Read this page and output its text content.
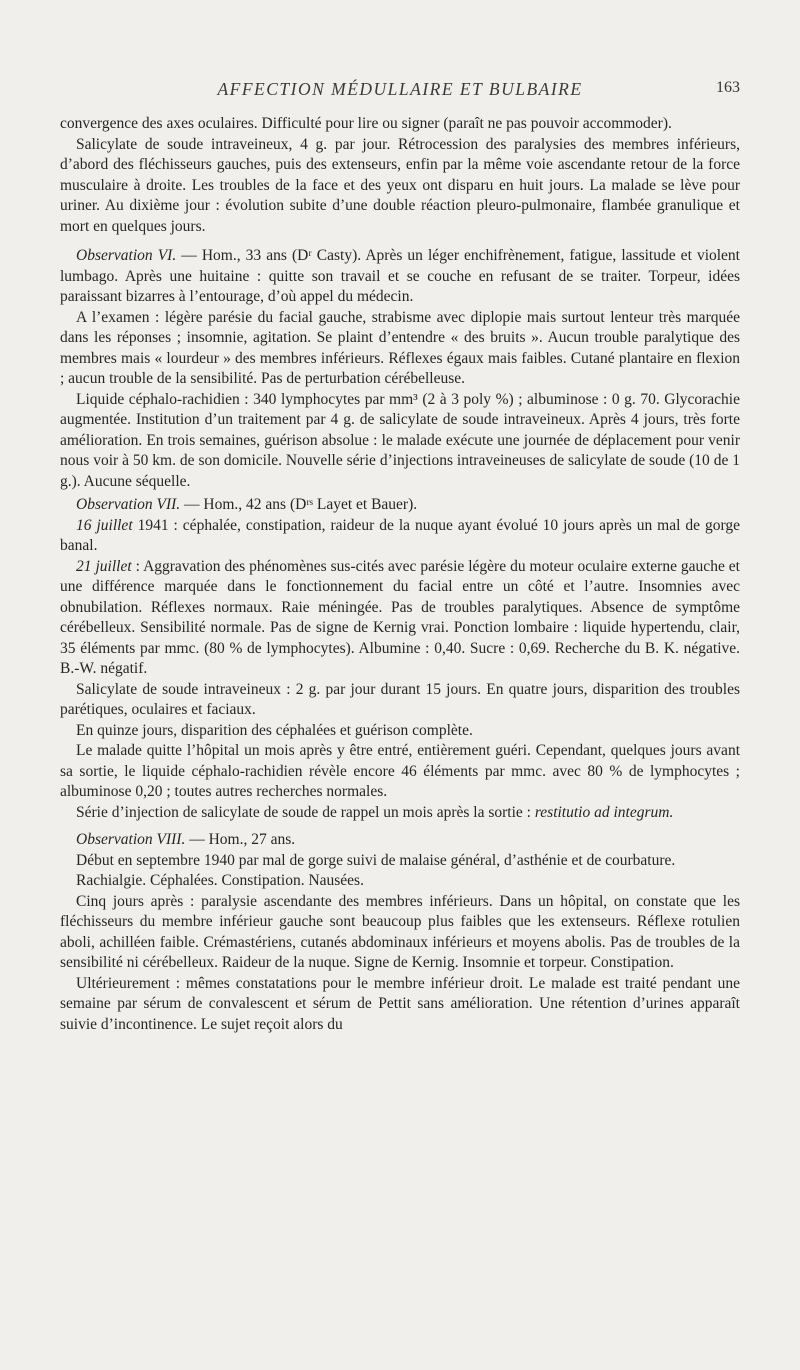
AFFECTION MÉDULLAIRE ET BULBAIRE	163

convergence des axes oculaires. Difficulté pour lire ou signer (paraît ne pas pouvoir accommoder).

Salicylate de soude intraveineux, 4 g. par jour. Rétrocession des paralysies des membres inférieurs, d’abord des fléchisseurs gauches, puis des extenseurs, enfin par la même voie ascendante retour de la force musculaire à droite. Les troubles de la face et des yeux ont disparu en huit jours. La malade se lève pour uriner. Au dixième jour : évolution subite d’une double réaction pleuro-pulmonaire, flambée granulique et mort en quelques jours.

Observation VI. — Hom., 33 ans (Dʳ Casty). Après un léger enchifrènement, fatigue, lassitude et violent lumbago. Après une huitaine : quitte son travail et se couche en refusant de se traiter. Torpeur, idées paraissant bizarres à l’entourage, d’où appel du médecin.

A l’examen : légère parésie du facial gauche, strabisme avec diplopie mais surtout lenteur très marquée dans les réponses ; insomnie, agitation. Se plaint d’entendre « des bruits ». Aucun trouble paralytique des membres mais « lourdeur » des membres inférieurs. Réflexes égaux mais faibles. Cutané plantaire en flexion ; aucun trouble de la sensibilité. Pas de perturbation cérébelleuse.

Liquide céphalo-rachidien : 340 lymphocytes par mm³ (2 à 3 poly %) ; albuminose : 0 g. 70. Glycorachie augmentée. Institution d’un traitement par 4 g. de salicylate de soude intraveineux. Après 4 jours, très forte amélioration. En trois semaines, guérison absolue : le malade exécute une journée de déplacement pour venir nous voir à 50 km. de son domicile. Nouvelle série d’injections intraveineuses de salicylate de soude (10 de 1 g.). Aucune séquelle.

Observation VII. — Hom., 42 ans (Dʳˢ Layet et Bauer).

16 juillet 1941 : céphalée, constipation, raideur de la nuque ayant évolué 10 jours après un mal de gorge banal.

21 juillet : Aggravation des phénomènes sus-cités avec parésie légère du moteur oculaire externe gauche et une différence marquée dans le fonctionnement du facial entre un côté et l’autre. Insomnies avec obnubilation. Réflexes normaux. Raie méningée. Pas de troubles paralytiques. Absence de symptôme cérébelleux. Sensibilité normale. Pas de signe de Kernig vrai. Ponction lombaire : liquide hypertendu, clair, 35 éléments par mmc. (80 % de lymphocytes). Albumine : 0,40. Sucre : 0,69. Recherche du B. K. négative. B.-W. négatif.

Salicylate de soude intraveineux : 2 g. par jour durant 15 jours. En quatre jours, disparition des troubles parétiques, oculaires et faciaux.

En quinze jours, disparition des céphalées et guérison complète.

Le malade quitte l’hôpital un mois après y être entré, entièrement guéri. Cependant, quelques jours avant sa sortie, le liquide céphalo-rachidien révèle encore 46 éléments par mmc. avec 80 % de lymphocytes ; albuminose 0,20 ; toutes autres recherches normales.

Série d’injection de salicylate de soude de rappel un mois après la sortie : restitutio ad integrum.

Observation VIII. — Hom., 27 ans.

Début en septembre 1940 par mal de gorge suivi de malaise général, d’asthénie et de courbature.

Rachialgie. Céphalées. Constipation. Nausées.

Cinq jours après : paralysie ascendante des membres inférieurs. Dans un hôpital, on constate que les fléchisseurs du membre inférieur gauche sont beaucoup plus faibles que les extenseurs. Réflexe rotulien aboli, achilléen faible. Crémastériens, cutanés abdominaux inférieurs et moyens abolis. Pas de troubles de la sensibilité ni cérébelleux. Raideur de la nuque. Signe de Kernig. Insomnie et torpeur. Constipation.

Ultérieurement : mêmes constatations pour le membre inférieur droit. Le malade est traité pendant une semaine par sérum de convalescent et sérum de Pettit sans amélioration. Une rétention d’urines apparaît suivie d’incontinence. Le sujet reçoit alors du
